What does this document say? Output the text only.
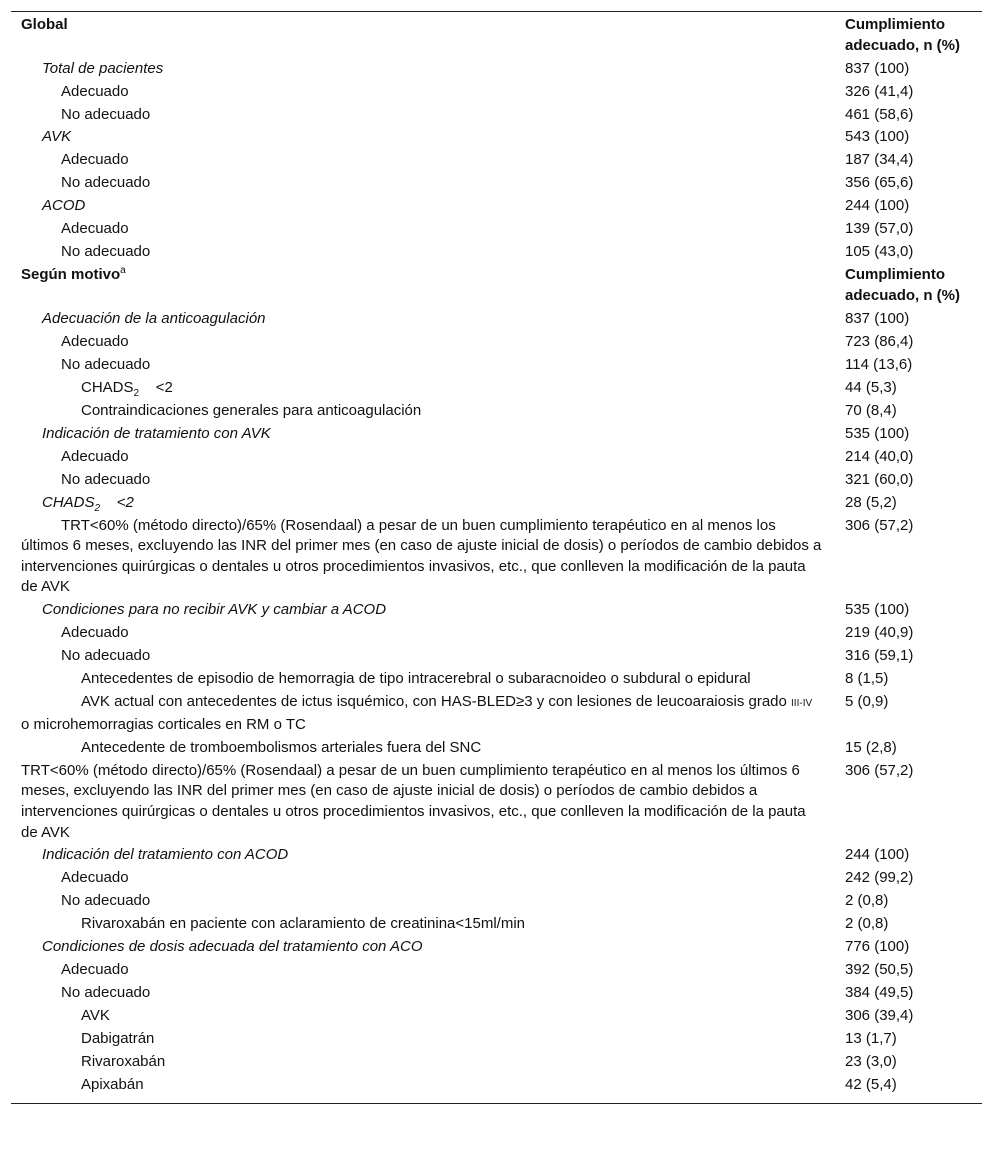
Global	Cumplimiento adecuado, n (%)
Total de pacientes	837 (100)
Adecuado	326 (41,4)
No adecuado	461 (58,6)
AVK	543 (100)
Adecuado	187 (34,4)
No adecuado	356 (65,6)
ACOD	244 (100)
Adecuado	139 (57,0)
No adecuado	105 (43,0)
Según motivo$^a$	Cumplimiento adecuado, n (%)
Adecuación de la anticoagulación	837 (100)
Adecuado	723 (86,4)
No adecuado	114 (13,6)
$CHADS_2 <2$	44 (5,3)
Contraindicaciones generales para anticoagulación	70 (8,4)
Indicación de tratamiento con AVK	535 (100)
Adecuado	214 (40,0)
No adecuado	321 (60,0)
$CHADS_2 <2$	28 (5,2)
TRT<60% (método directo)/65% (Rosendaal) a pesar de un buen cumplimiento terapéutico en al menos los últimos 6 meses, excluyendo las INR del primer mes (en caso de ajuste inicial de dosis) o períodos de cambio debidos a intervenciones quirúrgicas o dentales u otros procedimientos invasivos, etc., que conlleven la modificación de la pauta de AVK	306 (57,2)
Condiciones para no recibir AVK y cambiar a ACOD	535 (100)
Adecuado	219 (40,9)
No adecuado	316 (59,1)
Antecedentes de episodio de hemorragia de tipo intracerebral o subaracnoideo o subdural o epidural	8 (1,5)
AVK actual con antecedentes de ictus isquémico, con HAS-BLED≥3 y con lesiones de leucoaraiosis grado III-IV o microhemorragias corticales en RM o TC	5 (0,9)
Antecedente de tromboembolismos arteriales fuera del SNC	15 (2,8)
TRT<60% (método directo)/65% (Rosendaal) a pesar de un buen cumplimiento terapéutico en al menos los últimos 6 meses, excluyendo las INR del primer mes (en caso de ajuste inicial de dosis) o períodos de cambio debidos a intervenciones quirúrgicas o dentales u otros procedimientos invasivos, etc., que conlleven la modificación de la pauta de AVK	306 (57,2)
Indicación del tratamiento con ACOD	244 (100)
Adecuado	242 (99,2)
No adecuado	2 (0,8)
Rivaroxabán en paciente con aclaramiento de creatinina<15ml/min	2 (0,8)
Condiciones de dosis adecuada del tratamiento con ACO	776 (100)
Adecuado	392 (50,5)
No adecuado	384 (49,5)
AVK	306 (39,4)
Dabigatrán	13 (1,7)
Rivaroxabán	23 (3,0)
Apixabán	42 (5,4)
